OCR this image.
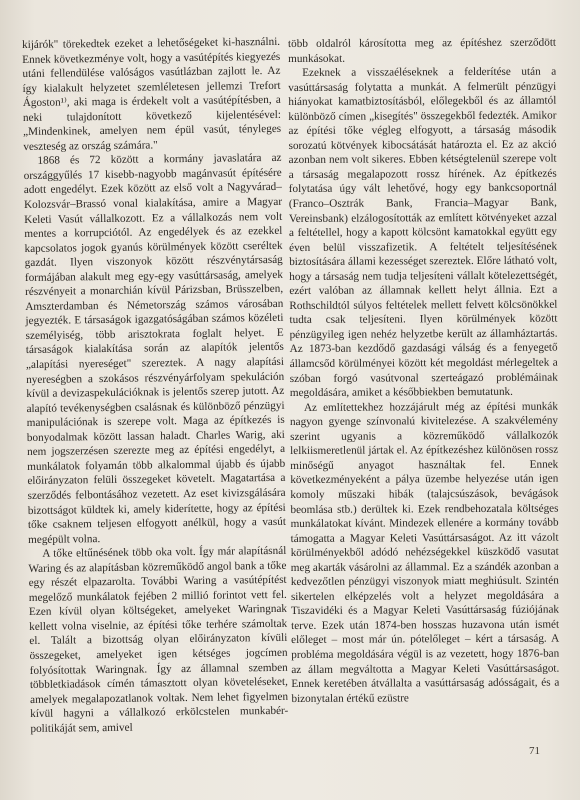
kijárók" törekedtek ezeket a lehetőségeket ki-használni. Ennek következménye volt, hogy a vasútépítés kiegyezés utáni fellendülése valóságos vasútlázban zajlott le. Az így kialakult helyzetet szemléletesen jellemzi Trefort Ágoston¹⁾, aki maga is érdekelt volt a vasútépítésben, a neki tulajdonított következő kijelentésével: „Mindenkinek, amelyen nem épül vasút, tényleges veszteség az ország számára."

1868 és 72 között a kormány javaslatára az országgyűlés 17 kisebb-nagyobb magánvasút építésére adott engedélyt. Ezek között az első volt a Nagyvárad–Kolozsvár–Brassó vonal kialakítása, amire a Magyar Keleti Vasút vállalkozott. Ez a vállalkozás nem volt mentes a korrupciótól. Az engedélyek és az ezekkel kapcsolatos jogok gyanús körülmények között cseréltek gazdát. Ilyen viszonyok között részvénytársaság formájában alakult meg egy-egy vasúttársaság, amelyek részvényeit a monarchián kívül Párizsban, Brüsszelben, Amszterdamban és Németország számos városában jegyezték. E társaságok igazgatóságában számos közéleti személyiség, több arisztokrata foglalt helyet. E társaságok kialakítása során az alapítók jelentős „alapítási nyereséget" szereztek. A nagy alapítási nyereségben a szokásos részvényárfolyam spekuláción kívül a devizaspekulációknak is jelentős szerep jutott. Az alapító tevékenységben csalásnak és különböző pénzügyi manipulációnak is szerepe volt. Maga az építkezés is bonyodalmak között lassan haladt. Charles Warig, aki nem jogszerzésen szerezte meg az építési engedélyt, a munkálatok folyamán több alkalommal újabb és újabb előirányzaton felüli összegeket követelt. Magatartása a szerződés felbontásához vezetett. Az eset kivizsgálására bizottságot küldtek ki, amely kiderítette, hogy az építési tőke csaknem teljesen elfogyott anélkül, hogy a vasút megépült volna.

A tőke eltűnésének több oka volt. Így már alapításnál Waring és az alapításban közreműködő angol bank a tőke egy részét elpazarolta. További Waring a vasútépítést megelőző munkálatok fejében 2 millió forintot vett fel. Ezen kívül olyan költségeket, amelyeket Waringnak kellett volna viselnie, az építési tőke terhére számoltak el. Talált a bizottság olyan előirányzaton kívüli összegeket, amelyeket igen kétséges jogcímen folyósítottak Waringnak. Így az államnal szemben többletkiadások címén támasztott olyan követeléseket, amelyek megalapozatlanok voltak. Nem lehet figyelmen kívül hagyni a vállalkozó erkölcstelen munkabér-politikáját sem, amivel

több oldalról károsította meg az építéshez szerződött munkásokat.

Ezeknek a visszaéléseknek a felderítése után a vasúttársaság folytatta a munkát. A felmerült pénzügyi hiányokat kamatbiztosításból, előlegekből és az államtól különböző címen „kisegítés" összegekből fedezték. Amikor az építési tőke végleg elfogyott, a társaság második sorozatú kötvények kibocsátását határozta el. Ez az akció azonban nem volt sikeres. Ebben kétségtelenül szerepe volt a társaság megalapozott rossz hírének. Az építkezés folytatása úgy vált lehetővé, hogy egy bankcsoportnál (Franco–Osztrák Bank, Francia–Magyar Bank, Vereinsbank) elzálogosították az említett kötvényeket azzal a feltétellel, hogy a kapott kölcsönt kamatokkal együtt egy éven belül visszafizetik. A feltételt teljesítésének biztosítására állami kezességet szereztek. Előre látható volt, hogy a társaság nem tudja teljesíteni vállalt kötelezettségét, ezért valóban az államnak kellett helyt állnia. Ezt a Rothschildtól súlyos feltételek mellett felvett kölcsönökkel tudta csak teljesíteni. Ilyen körülmények között pénzügyileg igen nehéz helyzetbe került az államháztartás. Az 1873-ban kezdődő gazdasági válság és a fenyegető államcsőd körülményei között két megoldást mérlegeltek a szóban forgó vasútvonal szerteágazó problémáinak megoldására, amiket a későbbiekben bemutatunk.

Az említettekhez hozzájárult még az építési munkák nagyon gyenge színvonalú kivitelezése. A szakvélemény szerint ugyanis a közreműködő vállalkozók lelkiismeretlenül jártak el. Az építkezéshez különösen rossz minőségű anyagot használtak fel. Ennek következményeként a pálya üzembe helyezése után igen komoly műszaki hibák (talajcsúszások, bevágások beomlása stb.) derültek ki. Ezek rendbehozatala költséges munkálatokat kívánt. Mindezek ellenére a kormány tovább támogatta a Magyar Keleti Vasúttársaságot. Az itt vázolt körülményekből adódó nehézségekkel küszködő vasutat meg akarták vásárolni az állammal. Ez a szándék azonban a kedvezőtlen pénzügyi viszonyok miatt meghiúsult. Szintén sikertelen elképzelés volt a helyzet megoldására a Tiszavidéki és a Magyar Keleti Vasúttársaság fúziójának terve. Ezek után 1874-ben hosszas huzavona után ismét előleget – most már ún. pótelőleget – kért a társaság. A probléma megoldására végül is az vezetett, hogy 1876-ban az állam megváltotta a Magyar Keleti Vasúttársaságot. Ennek keretében átvállalta a vasúttársaság adósságait, és a bizonytalan értékű ezüstre

71
